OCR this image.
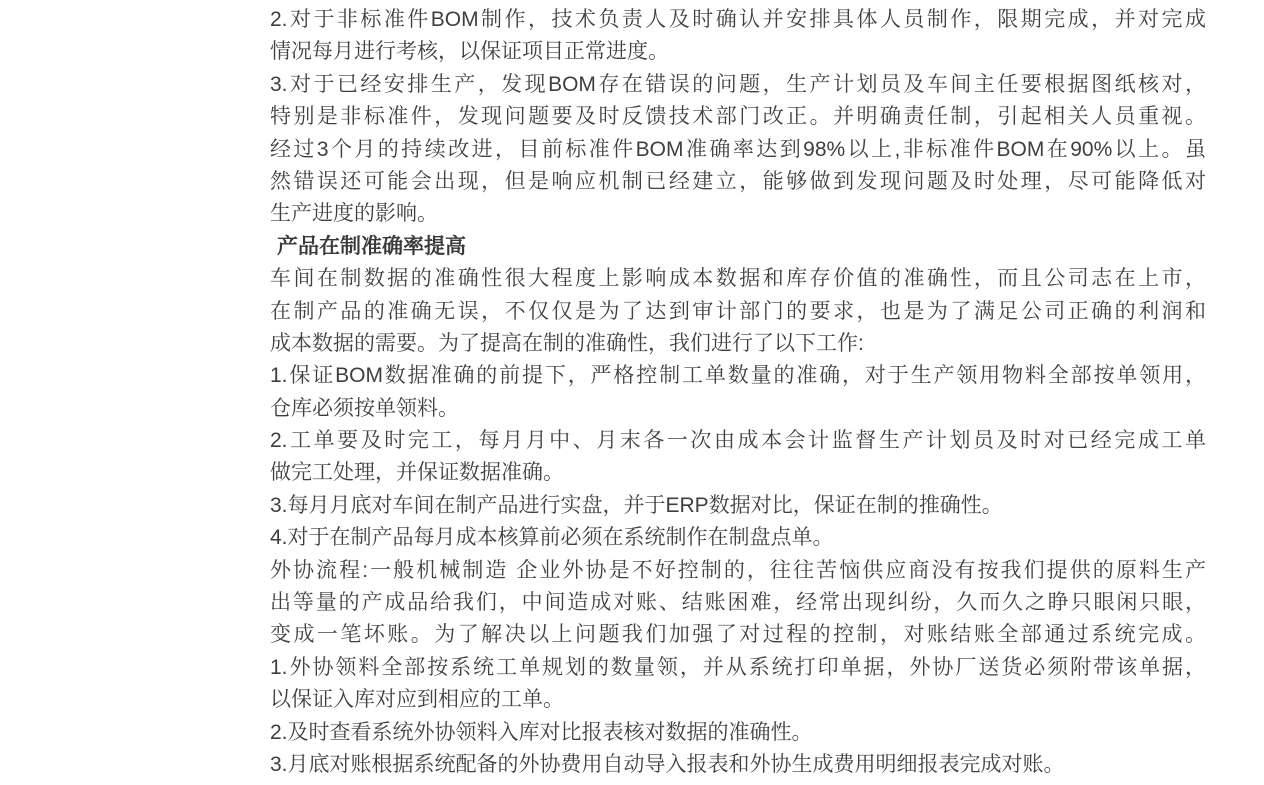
2.对于非标准件BOM制作，技术负责人及时确认并安排具体人员制作，限期完成，并对完成
情况每月进行考核，以保证项目正常进度。
3.对于已经安排生产，发现BOM存在错误的问题，生产计划员及车间主任要根据图纸核对，
特别是非标准件，发现问题要及时反馈技术部门改正。并明确责任制，引起相关人员重视。
经过3个月的持续改进，目前标准件BOM准确率达到98%以上,非标准件BOM在90%以上。虽
然错误还可能会出现，但是响应机制已经建立，能够做到发现问题及时处理，尽可能降低对
生产进度的影响。
产品在制准确率提高
车间在制数据的准确性很大程度上影响成本数据和库存价值的准确性，而且公司志在上市，
在制产品的准确无误，不仅仅是为了达到审计部门的要求，也是为了满足公司正确的利润和
成本数据的需要。为了提高在制的准确性，我们进行了以下工作:
1.保证BOM数据准确的前提下，严格控制工单数量的准确，对于生产领用物料全部按单领用，
仓库必须按单领料。
2.工单要及时完工，每月月中、月末各一次由成本会计监督生产计划员及时对已经完成工单
做完工处理，并保证数据准确。
3.每月月底对车间在制产品进行实盘，并于ERP数据对比，保证在制的推确性。
4.对于在制产品每月成本核算前必须在系统制作在制盘点单。
外协流程:一般机械制造 企业外协是不好控制的，往往苦恼供应商没有按我们提供的原料生产
出等量的产成品给我们，中间造成对账、结账困难，经常出现纠纷，久而久之睁只眼闲只眼，
变成一笔坏账。为了解决以上问题我们加强了对过程的控制，对账结账全部通过系统完成。
1.外协领料全部按系统工单规划的数量领，并从系统打印单据，外协厂送货必须附带该单据，
以保证入库对应到相应的工单。
2.及时查看系统外协领料入库对比报表核对数据的准确性。
3.月底对账根据系统配备的外协费用自动导入报表和外协生成费用明细报表完成对账。
